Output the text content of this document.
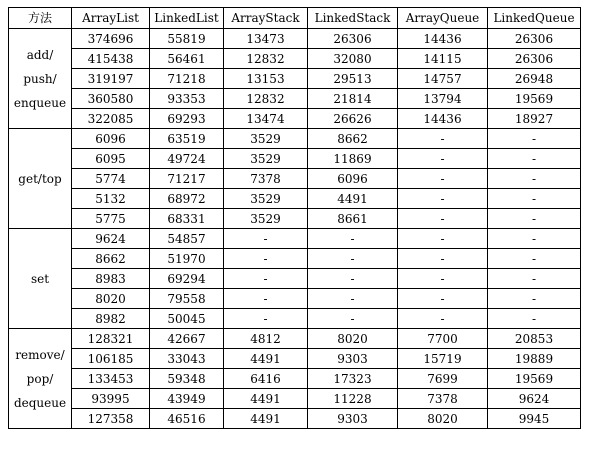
方法	ArrayList	LinkedList	ArrayStack	LinkedStack	ArrayQueue	LinkedQueue

add/
push/
enqueue	374696	55819	13473	26306	14436	26306
	415438	56461	12832	32080	14115	26306
	319197	71218	13153	29513	14757	26948
	360580	93353	12832	21814	13794	19569
	322085	69293	13474	26626	14436	18927

get/top	6096	63519	3529	8662	-	-
	6095	49724	3529	11869	-	-
	5774	71217	7378	6096	-	-
	5132	68972	3529	4491	-	-
	5775	68331	3529	8661	-	-

set	9624	54857	-	-	-	-
	8662	51970	-	-	-	-
	8983	69294	-	-	-	-
	8020	79558	-	-	-	-
	8982	50045	-	-	-	-

remove/
pop/
dequeue	128321	42667	4812	8020	7700	20853
	106185	33043	4491	9303	15719	19889
	133453	59348	6416	17323	7699	19569
	93995	43949	4491	11228	7378	9624
	127358	46516	4491	9303	8020	9945
